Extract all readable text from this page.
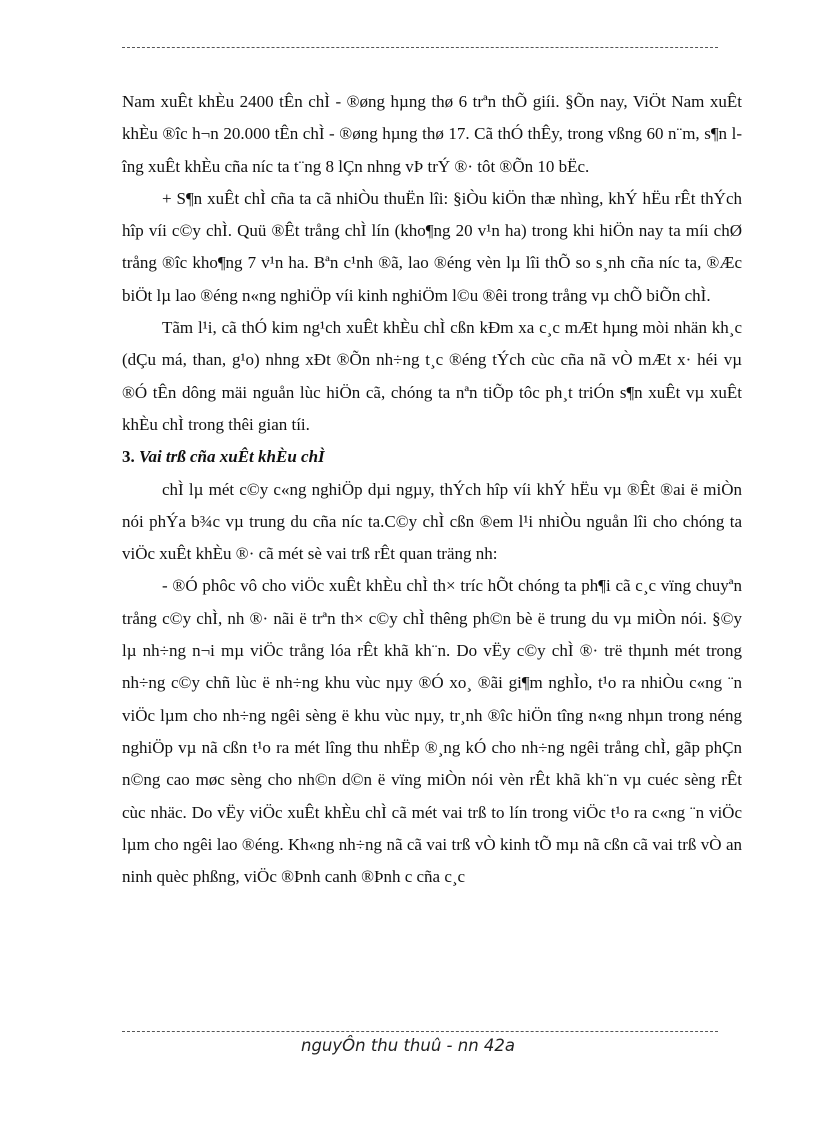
Nam xuÊt khÈu 2400 tÊn chÌ - ®øng hµng thø 6 trªn thÕ giíi. §Õn nay, ViÖt Nam xuÊt khÈu ®îc h¬n 20.000 tÊn chÌ - ®øng hµng thø 17. Cã thÓ thÊy, trong vßng 60 n¨m, s¶n lîng xuÊt khÈu cña níc ta t¨ng 8 lÇn nhng vÞ trÝ ®· tôt ®Õn 10 bËc.

+ S¶n xuÊt chÌ cña ta cã nhiÒu thuËn lîi: §iÒu kiÖn thæ nhìng, khÝ hËu rÊt thÝch hîp víi c©y chÌ. Quü ®Êt trång chÌ lín (kho¶ng 20 v¹n ha) trong khi hiÖn nay ta míi chØ trång ®îc kho¶ng 7 v¹n ha. Bªn c¹nh ®ã, lao ®éng vèn lµ lîi thÕ so s¸nh cña níc ta, ®Æc biÖt lµ lao ®éng n«ng nghiÖp víi kinh nghiÖm l©u ®êi trong trång vµ chÕ biÕn chÌ.

Tãm l¹i, cã thÓ kim ng¹ch xuÊt khÈu chÌ cßn kÐm xa c¸c mÆt hµng mòi nhän kh¸c (dÇu má, than, g¹o) nhng xÐt ®Õn nh÷ng t¸c ®éng tÝch cùc cña nã vÒ mÆt x· héi vµ ®Ó tÊn dông mäi nguån lùc hiÖn cã, chóng ta nªn tiÕp tôc ph¸t triÓn s¶n xuÊt vµ xuÊt khÈu chÌ trong thêi gian tíi.

3. Vai trß cña xuÊt khÈu chÌ

chÌ lµ mét c©y c«ng nghiÖp dµi ngµy, thÝch hîp víi khÝ hËu vµ ®Êt ®ai ë miÒn nói phÝa b¾c vµ trung du cña níc ta.C©y chÌ cßn ®em l¹i nhiÒu nguån lîi cho chóng ta viÖc xuÊt khÈu ®· cã mét sè vai trß rÊt quan träng nh:

- ®Ó phôc vô cho viÖc xuÊt khÈu chÌ th× tríc hÕt chóng ta ph¶i cã c¸c vïng chuyªn trång c©y chÌ, nh ®· nãi ë trªn th× c©y chÌ thêng ph©n bè ë trung du vµ miÒn nói. §©y lµ nh÷ng n¬i mµ viÖc trång lóa rÊt khã kh¨n. Do vËy c©y chÌ ®· trë thµnh mét trong nh÷ng c©y chñ lùc ë nh÷ng khu vùc nµy ®Ó xo¸ ®ãi gi¶m nghÌo, t¹o ra nhiÒu c«ng ¨n viÖc lµm cho nh÷ng ngêi sèng ë khu vùc nµy, tr¸nh ®îc hiÖn tîng n«ng nhµn trong néng nghiÖp vµ nã cßn t¹o ra mét lîng thu nhËp ®¸ng kÓ cho nh÷ng ngêi trång chÌ, gãp phÇn n©ng cao møc sèng cho nh©n d©n ë vïng miÒn nói vèn rÊt khã kh¨n vµ cuéc sèng rÊt cùc nhäc. Do vËy viÖc xuÊt khÈu chÌ cã mét vai trß to lín trong viÖc t¹o ra c«ng ¨n viÖc lµm cho ngêi lao ®éng. Kh«ng nh÷ng nã cã vai trß vÒ kinh tÕ mµ nã cßn cã vai trß vÒ an ninh quèc phßng, viÖc ®Þnh canh ®Þnh c cña c¸c

nguyÔn thu thuû - nn 42a
